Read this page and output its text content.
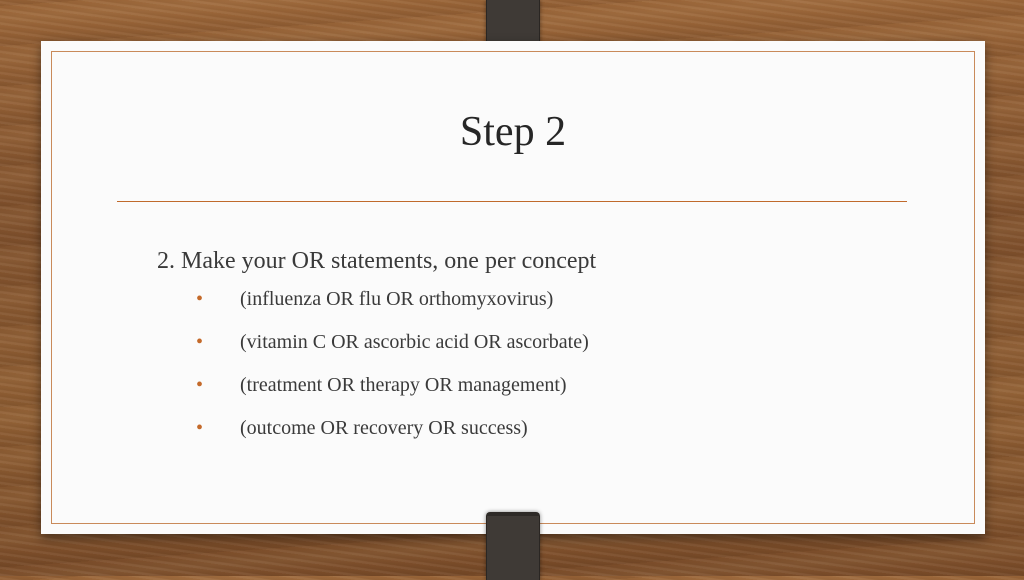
Step 2

2. Make your OR statements, one per concept

• (influenza OR flu OR orthomyxovirus)
• (vitamin C OR ascorbic acid OR ascorbate)
• (treatment OR therapy OR management)
• (outcome OR recovery OR success)
